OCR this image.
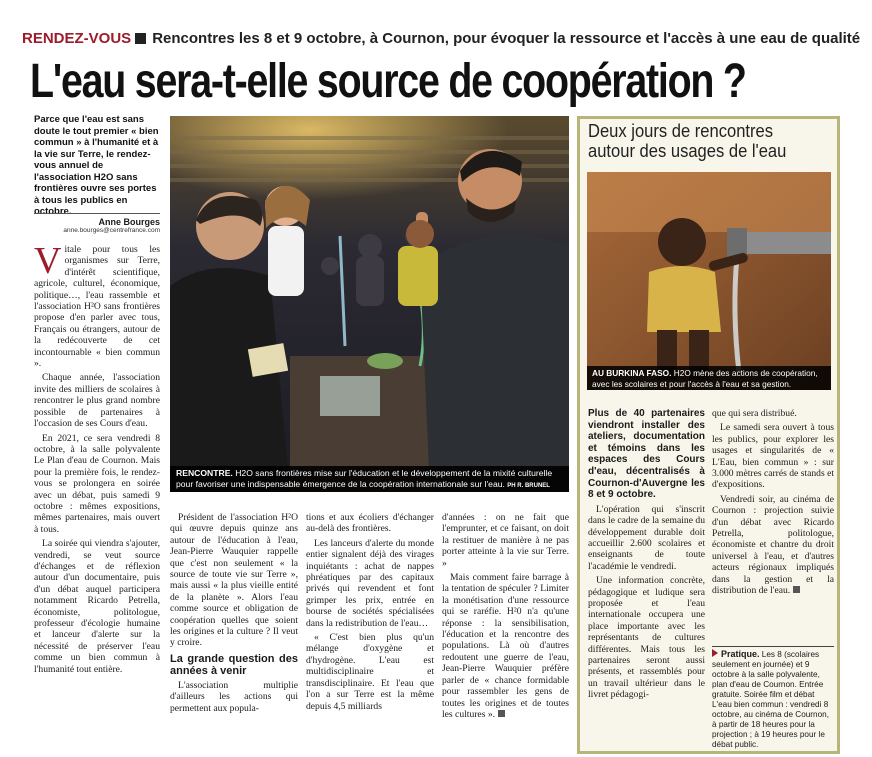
RENDEZ-VOUS Rencontres les 8 et 9 octobre, à Cournon, pour évoquer la ressource et l'accès à une eau de qualité
L'eau sera-t-elle source de coopération ?
Parce que l'eau est sans doute le tout premier « bien commun » à l'humanité et à la vie sur Terre, le rendez-vous annuel de l'association H2O sans frontières ouvre ses portes à tous les publics en octobre.
Anne Bourges
anne.bourges@centrefrance.com

Vitale pour tous les organismes sur Terre, d'intérêt scientifique, agricole, culturel, économique, politique…, l'eau rassemble et l'association H²O sans frontières propose d'en parler avec tous, Français ou étrangers, autour de la redécouverte de cet incontournable « bien commun ».

Chaque année, l'association invite des milliers de scolaires à rencontrer le plus grand nombre possible de partenaires à l'occasion de ses Cours d'eau.

En 2021, ce sera vendredi 8 octobre, à la salle polyvalente Le Plan d'eau de Cournon. Mais pour la première fois, le rendez-vous se prolongera en soirée avec un débat, puis samedi 9 octobre : mêmes expositions, mêmes partenaires, mais ouvert à tous.

La soirée qui viendra s'ajouter, vendredi, se veut source d'échanges et de réflexion autour d'un documentaire, puis d'un débat auquel participera notamment Ricardo Petrella, économiste, politologue, professeur d'écologie humaine et lanceur d'alerte sur la nécessité de préserver l'eau comme un bien commun à l'humanité tout entière.

RENCONTRE. H2O sans frontières mise sur l'éducation et le développement de la mixité culturelle pour favoriser une indispensable émergence de la coopération internationale sur l'eau. PH R. BRUNEL

Président de l'association H²O qui œuvre depuis quinze ans autour de l'éducation à l'eau, Jean-Pierre Wauquier rappelle que c'est non seulement « la source de toute vie sur Terre », mais aussi « la plus vieille entité de la planète ». Alors l'eau comme source et obligation de coopération quelles que soient les origines et la culture ? Il veut y croire.

La grande question des années à venir

L'association multiplie d'ailleurs les actions qui permettent aux popula-

tions et aux écoliers d'échanger au-delà des frontières.

Les lanceurs d'alerte du monde entier signalent déjà des virages inquiétants : achat de nappes phréatiques par des capitaux privés qui revendent et font grimper les prix, entrée en bourse de sociétés spécialisées dans la redistribution de l'eau…

« C'est bien plus qu'un mélange d'oxygène et d'hydrogène. L'eau est multidisciplinaire et transdisciplinaire. Et l'eau que l'on a sur Terre est la même depuis 4,5 milliards

d'années : on ne fait que l'emprunter, et ce faisant, on doit la restituer de manière à ne pas porter atteinte à la vie sur Terre. »

Mais comment faire barrage à la tentation de spéculer ? Limiter la monétisation d'une ressource qui se raréfie. H²0 n'a qu'une réponse : la sensibilisation, l'éducation et la rencontre des populations. Là où d'autres redoutent une guerre de l'eau, Jean-Pierre Wauquier préfère parler de « chance formidable pour rassembler les gens de toutes les origines et de toutes les cultures ».

Deux jours de rencontres autour des usages de l'eau
AU BURKINA FASO. H2O mène des actions de coopération, avec les scolaires et pour l'accès à l'eau et sa gestion.

Plus de 40 partenaires viendront installer des ateliers, documentation et témoins dans les espaces des Cours d'eau, décentralisés à Cournon-d'Auvergne les 8 et 9 octobre.

L'opération qui s'inscrit dans le cadre de la semaine du développement durable doit accueillir 2.600 scolaires et enseignants de toute l'académie le vendredi.

Une information concrète, pédagogique et ludique sera proposée et l'eau internationale occupera une place importante avec les représentants de cultures différentes. Mais tous les partenaires seront aussi présents, et rassemblés pour un travail ultérieur dans le livret pédagogi-

que qui sera distribué.

Le samedi sera ouvert à tous les publics, pour explorer les usages et singularités de « L'Eau, bien commun » : sur 3.000 mètres carrés de stands et d'expositions.

Vendredi soir, au cinéma de Cournon : projection suivie d'un débat avec Ricardo Petrella, politologue, économiste et chantre du droit universel à l'eau, et d'autres acteurs régionaux impliqués dans la gestion et la distribution de l'eau.

Pratique. Les 8 (scolaires seulement en journée) et 9 octobre à la salle polyvalente, plan d'eau de Cournon. Entrée gratuite. Soirée film et débat L'eau bien commun : vendredi 8 octobre, au cinéma de Cournon, à partir de 18 heures pour la projection ; à 19 heures pour le débat public.
